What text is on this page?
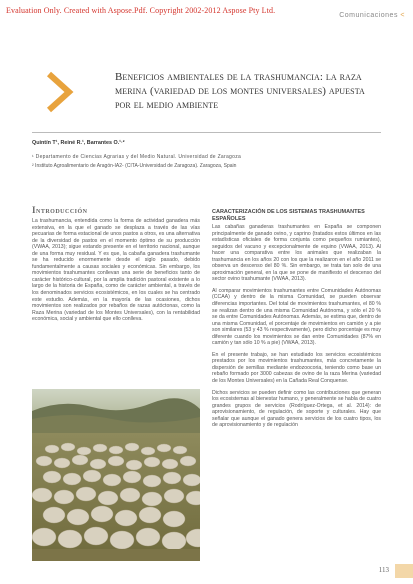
Evaluation Only. Created with Aspose.Pdf. Copyright 2002-2012 Aspose Pty Ltd.
Comunicaciones <
Beneficios ambientales de la trashumancia: la raza merina (variedad de los montes universales) apuesta por el medio ambiente
Quintín T¹, Reiné R.¹, Barrantes O.¹·²
¹ Departamento de Ciencias Agrarias y del Medio Natural. Universidad de Zaragoza
² Instituto Agroalimentario de Aragón-IA2- (CITA-Universidad de Zaragoza). Zaragoza, Spain
Introducción

La trashumancia, entendida como la forma de actividad ganadera más extensiva, en la que el ganado se desplaza a través de las vías pecuarias de forma estacional de unos pastos a otros, es una alternativa de la diversidad de pastos en el momento óptimo de su producción (VWAA, 2013); sigue estando presente en el territorio nacional, aunque de una forma muy residual. Y es que, la cabaña ganadera trashumante se ha reducido enormemente desde el siglo pasado, debido fundamentalmente a causas sociales y económicas. Sin embargo, los movimientos trashumantes conllevan una serie de beneficios tanto de carácter histórico-cultural, por la amplia tradición pastoral existente a lo largo de la historia de España, como de carácter ambiental, a través de los denominados servicios ecosistémicos, en los cuales se ha centrado este estudio. Además, en la mayoría de las ocasiones, dichos movimientos son realizados por rebaños de razas autóctonas, como la Raza Merina (variedad de los Montes Universales), con la rentabilidad económica, social y ambiental que ello conlleva.

CARACTERIZACIÓN DE LOS SISTEMAS TRASHUMANTES ESPAÑOLES

Las cabañas ganaderas trashumantes en España se componen principalmente de ganado ovino, y caprino (tratados estos últimos en las estadísticas oficiales de forma conjunta como pequeños rumiantes), seguidos del vacuno y excepcionalmente de equino (VWAA, 2013). Al hacer una comparativa entre los animales que realizaban la trashumancia en los años 20 con los que la realizaron en el año 2011 se observa un descenso del 80 %. Sin embargo, se trata tan solo de una aproximación general, en la que se pone de manifiesto el descenso del sector ovino trashumante (VWAA, 2013).

Al comparar movimientos trashumantes entre Comunidades Autónomas (CCAA) y dentro de la misma Comunidad, se pueden observar diferencias importantes. Del total de movimientos trashumantes, el 80 % se realizan dentro de una misma Comunidad Autónoma, y sólo el 20 % se da entre Comunidades Autónomas. Además, se estima que, dentro de una misma Comunidad, el porcentaje de movimientos en camión y a pie son similares (53 y 43 % respectivamente), pero dicho porcentaje es muy diferente cuando los movimientos se dan entre Comunidades (87% en camión y tan sólo 10 % a pie) (VWAA, 2013).

En el presente trabajo, se han estudiado los servicios ecosistémicos prestados por los movimientos trashumantes, más concretamente la dispersión de semillas mediante endozoocoria, teniendo como base un rebaño formado por 3000 cabezas de ovino de la raza Merina (variedad de los Montes Universales) en la Cañada Real Conquense.

Dichos servicios se pueden definir como las contribuciones que generan los ecosistemas al bienestar humano, y generalmente se habla de cuatro grandes grupos de servicios (Rodríguez-Ortega, et al. 2014): de aprovisionamiento, de regulación, de soporte y culturales. Hay que señalar que aunque el ganado genera servicios de los cuatro tipos, los de aprovisionamiento y de regulación

113
